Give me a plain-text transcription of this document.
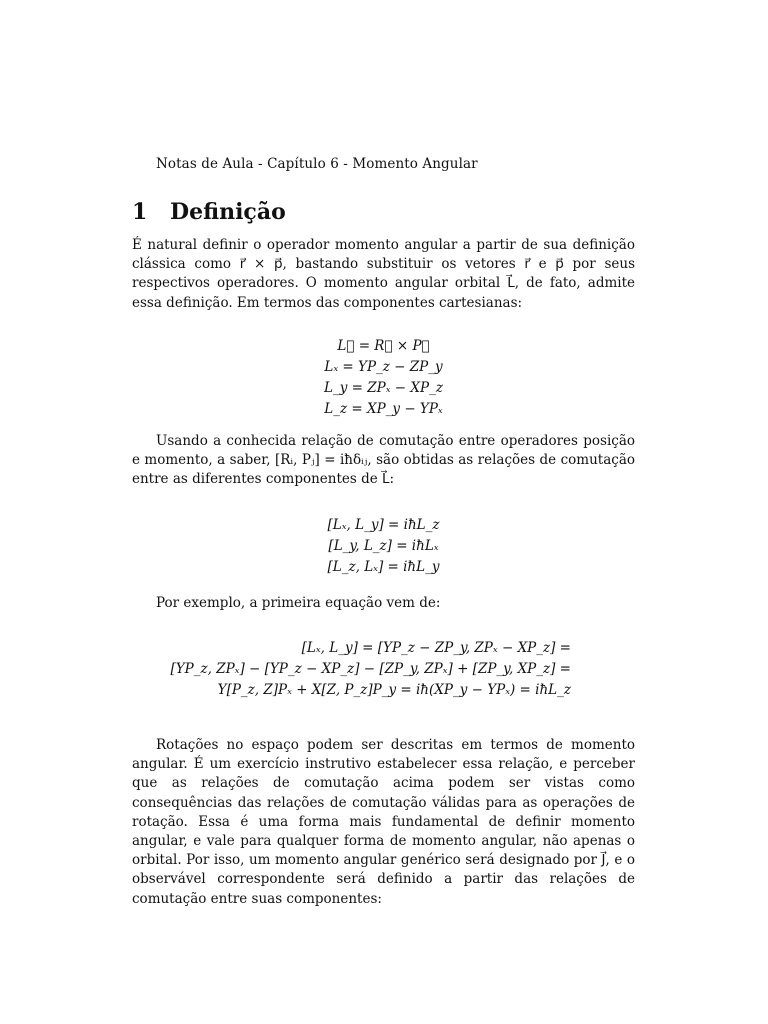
Notas de Aula - Capítulo 6 - Momento Angular
1 Definição
É natural definir o operador momento angular a partir de sua definição clássica como r⃗ × p⃗, bastando substituir os vetores r⃗ e p⃗ por seus respectivos operadores. O momento angular orbital L⃗, de fato, admite essa definição. Em termos das componentes cartesianas:
L⃗ = R⃗ × P⃗
Lₓ = YP_z − ZP_y
L_y = ZPₓ − XP_z
L_z = XP_y − YPₓ
Usando a conhecida relação de comutação entre operadores posição e momento, a saber, [Rᵢ, Pⱼ] = iħδᵢⱼ, são obtidas as relações de comutação entre as diferentes componentes de L⃗:
[Lₓ, L_y] = iħL_z
[L_y, L_z] = iħLₓ
[L_z, Lₓ] = iħL_y
Por exemplo, a primeira equação vem de:
[Lₓ, L_y] = [YP_z − ZP_y, ZPₓ − XP_z] =
[YP_z, ZPₓ] − [YP_z − XP_z] − [ZP_y, ZPₓ] + [ZP_y, XP_z] =
Y[P_z, Z]Pₓ + X[Z, P_z]P_y = iħ(XP_y − YPₓ) = iħL_z
Rotações no espaço podem ser descritas em termos de momento angular. É um exercício instrutivo estabelecer essa relação, e perceber que as relações de comutação acima podem ser vistas como consequências das relações de comutação válidas para as operações de rotação. Essa é uma forma mais fundamental de definir momento angular, e vale para qualquer forma de momento angular, não apenas o orbital. Por isso, um momento angular genérico será designado por J⃗, e o observável correspondente será definido a partir das relações de comutação entre suas componentes:
